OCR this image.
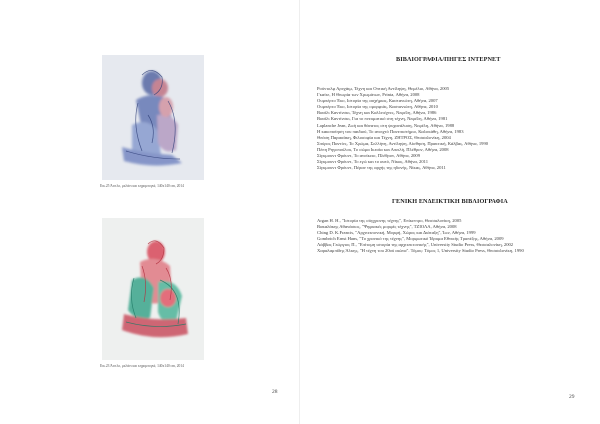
Εικ.25 Άτιτλο, μελάνι και κηρομπογιά, 140x140 cm, 2014
Εικ.23 Άτιτλο, μελάνι και κηρομπογιά, 140x140 cm, 2014
28
ΒΙΒΛΙΟΓΡΑΦΙΑ/ΠΗΓΕΣ ΙΝΤΕΡΝΕΤ
Ρούντολφ Αρνχάιμ, Τέχνη και Οπτική Αντίληψη, Θεμέλιο, Αθήνα, 2005
Γκαίτε, Η Θεωρία των Χρωμάτων, Printa, Αθήνα, 2008
Ουμπέρτο Έκο, Ιστορία της ασχήμιας, Καστανιώτη, Αθήνα, 2007
Ουμπέρτο Έκο, Ιστορία της ομορφιάς, Καστανιώτη, Αθήνα, 2010
Βασίλι Καντίνσκι, Τέχνη και Καλλιτέχνες, Νεφέλη, Αθήνα, 1986
Βασίλι Καντίνσκι, Για το πνευματικό στη τέχνη, Νεφέλη, Αθήνα, 1981
Laplanche Jean, Ζωή και θάνατος στη ψυχανάλυση, Νεφέλη, Αθήνα, 1988
Η κακοποίηση του παιδιού, Το ανοιχτό Πανεπιστήμιο, Καλοκάθη, Αθήνα, 1983
Θεόση Παρασάκη, Φιλοσοφία και Τέχνη, ΖΗΤΡΟΣ, Θεσσαλονίκη, 2004
Σπύρος Παντίνς, Το Χρώμα, Σελλήνη, Αντίληψη, Αίσθηση, Πρακτική, Κάλβας, Αθήνα, 1990
Πέπη Ρηγοπούλου, Το σώμα Ικεσία και Απειλή, Πλέθρον, Αθήνα, 2008
Σίγκμουντ Φρόυντ, Το ανοίκειο, Πλέθρον, Αθήνα, 2009
Σίγκμουντ Φρόυντ, Το εγώ και το αυτό, Νίκας, Αθήνα, 2011
Σίγκμουντ Φρόυντ, Πέραν της αρχής της ηδονής, Νίκας, Αθήνα, 2011
ΓΕΝΙΚΗ ΕΝΔΕΙΚΤΙΚΗ ΒΙΒΛΙΟΓΡΑΦΙΑ
Argan Η. Η., "Ιστορία της σύγχρονης τέχνης", Επίκεντρο, Θεσσαλονίκη, 2005
Βακαλάκης Αθανάσιος, "Ψηφιακές μορφές τέχνης", ΤΖΙΟΛΑ, Αθήνα, 2008
Ching D. K.Francis, "Αρχιτεκτονική, Μορφή, Χώρος και Διάταξη", Ίων, Αθήνα, 1999
Gombrich Ernst Hans, "Το χρονικό της τέχνης", Μορφωτικό Ίδρυμα Εθνικής Τραπέζης, Αθήνα, 2009
Λάββας Γεώργιος Π., "Επίτομη ιστορία της αρχιτεκτονικής", University Studio Press, Θεσσαλονίκη, 2002
Χαραλαμπίδης Άλκης, "Η τέχνη του 20ού αιώνα". Τόμος: Τόμος 1, University Studio Press, Θεσσαλονίκη, 1990
29
